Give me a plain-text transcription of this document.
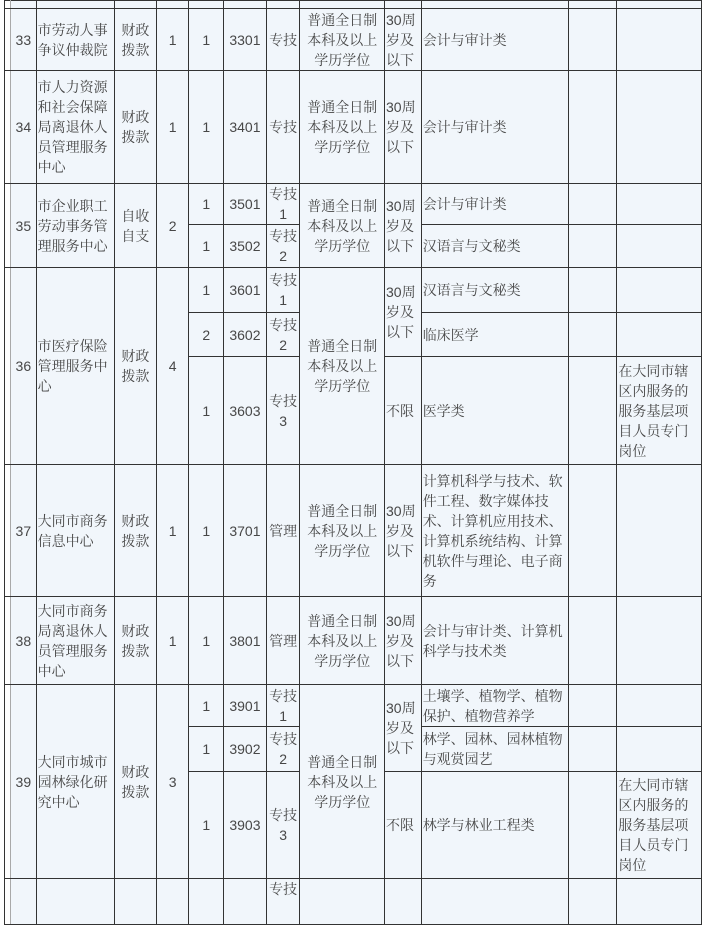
	33	市劳动人事争议仲裁院	财政拨款	1	1	3301	专技	普通全日制本科及以上学历学位	30周岁及以下	会计与审计类		
	34	市人力资源和社会保障局离退休人员管理服务中心	财政拨款	1	1	3401	专技	普通全日制本科及以上学历学位	30周岁及以下	会计与审计类		
	35	市企业职工劳动事务管理服务中心	自收自支	2	1	3501	专技1	普通全日制本科及以上学历学位	30周岁及以下	会计与审计类		
					1	3502	专技2			汉语言与文秘类		
	36	市医疗保险管理服务中心	财政拨款	4	1	3601	专技1	普通全日制本科及以上学历学位	30周岁及以下	汉语言与文秘类		
					2	3602	专技2			临床医学		
					1	3603	专技3		不限	医学类		在大同市辖区内服务的服务基层项目人员专门岗位
	37	大同市商务信息中心	财政拨款	1	1	3701	管理	普通全日制本科及以上学历学位	30周岁及以下	计算机科学与技术、软件工程、数字媒体技术、计算机应用技术、计算机系统结构、计算机软件与理论、电子商务		
	38	大同市商务局离退休人员管理服务中心	财政拨款	1	1	3801	管理	普通全日制本科及以上学历学位	30周岁及以下	会计与审计类、计算机科学与技术类		
	39	大同市城市园林绿化研究中心	财政拨款	3	1	3901	专技1	普通全日制本科及以上学历学位	30周岁及以下	土壤学、植物学、植物保护、植物营养学		
					1	3902	专技2			林学、园林、园林植物与观赏园艺		
					1	3903	专技3		不限	林学与林业工程类		在大同市辖区内服务的服务基层项目人员专门岗位
							专技					
